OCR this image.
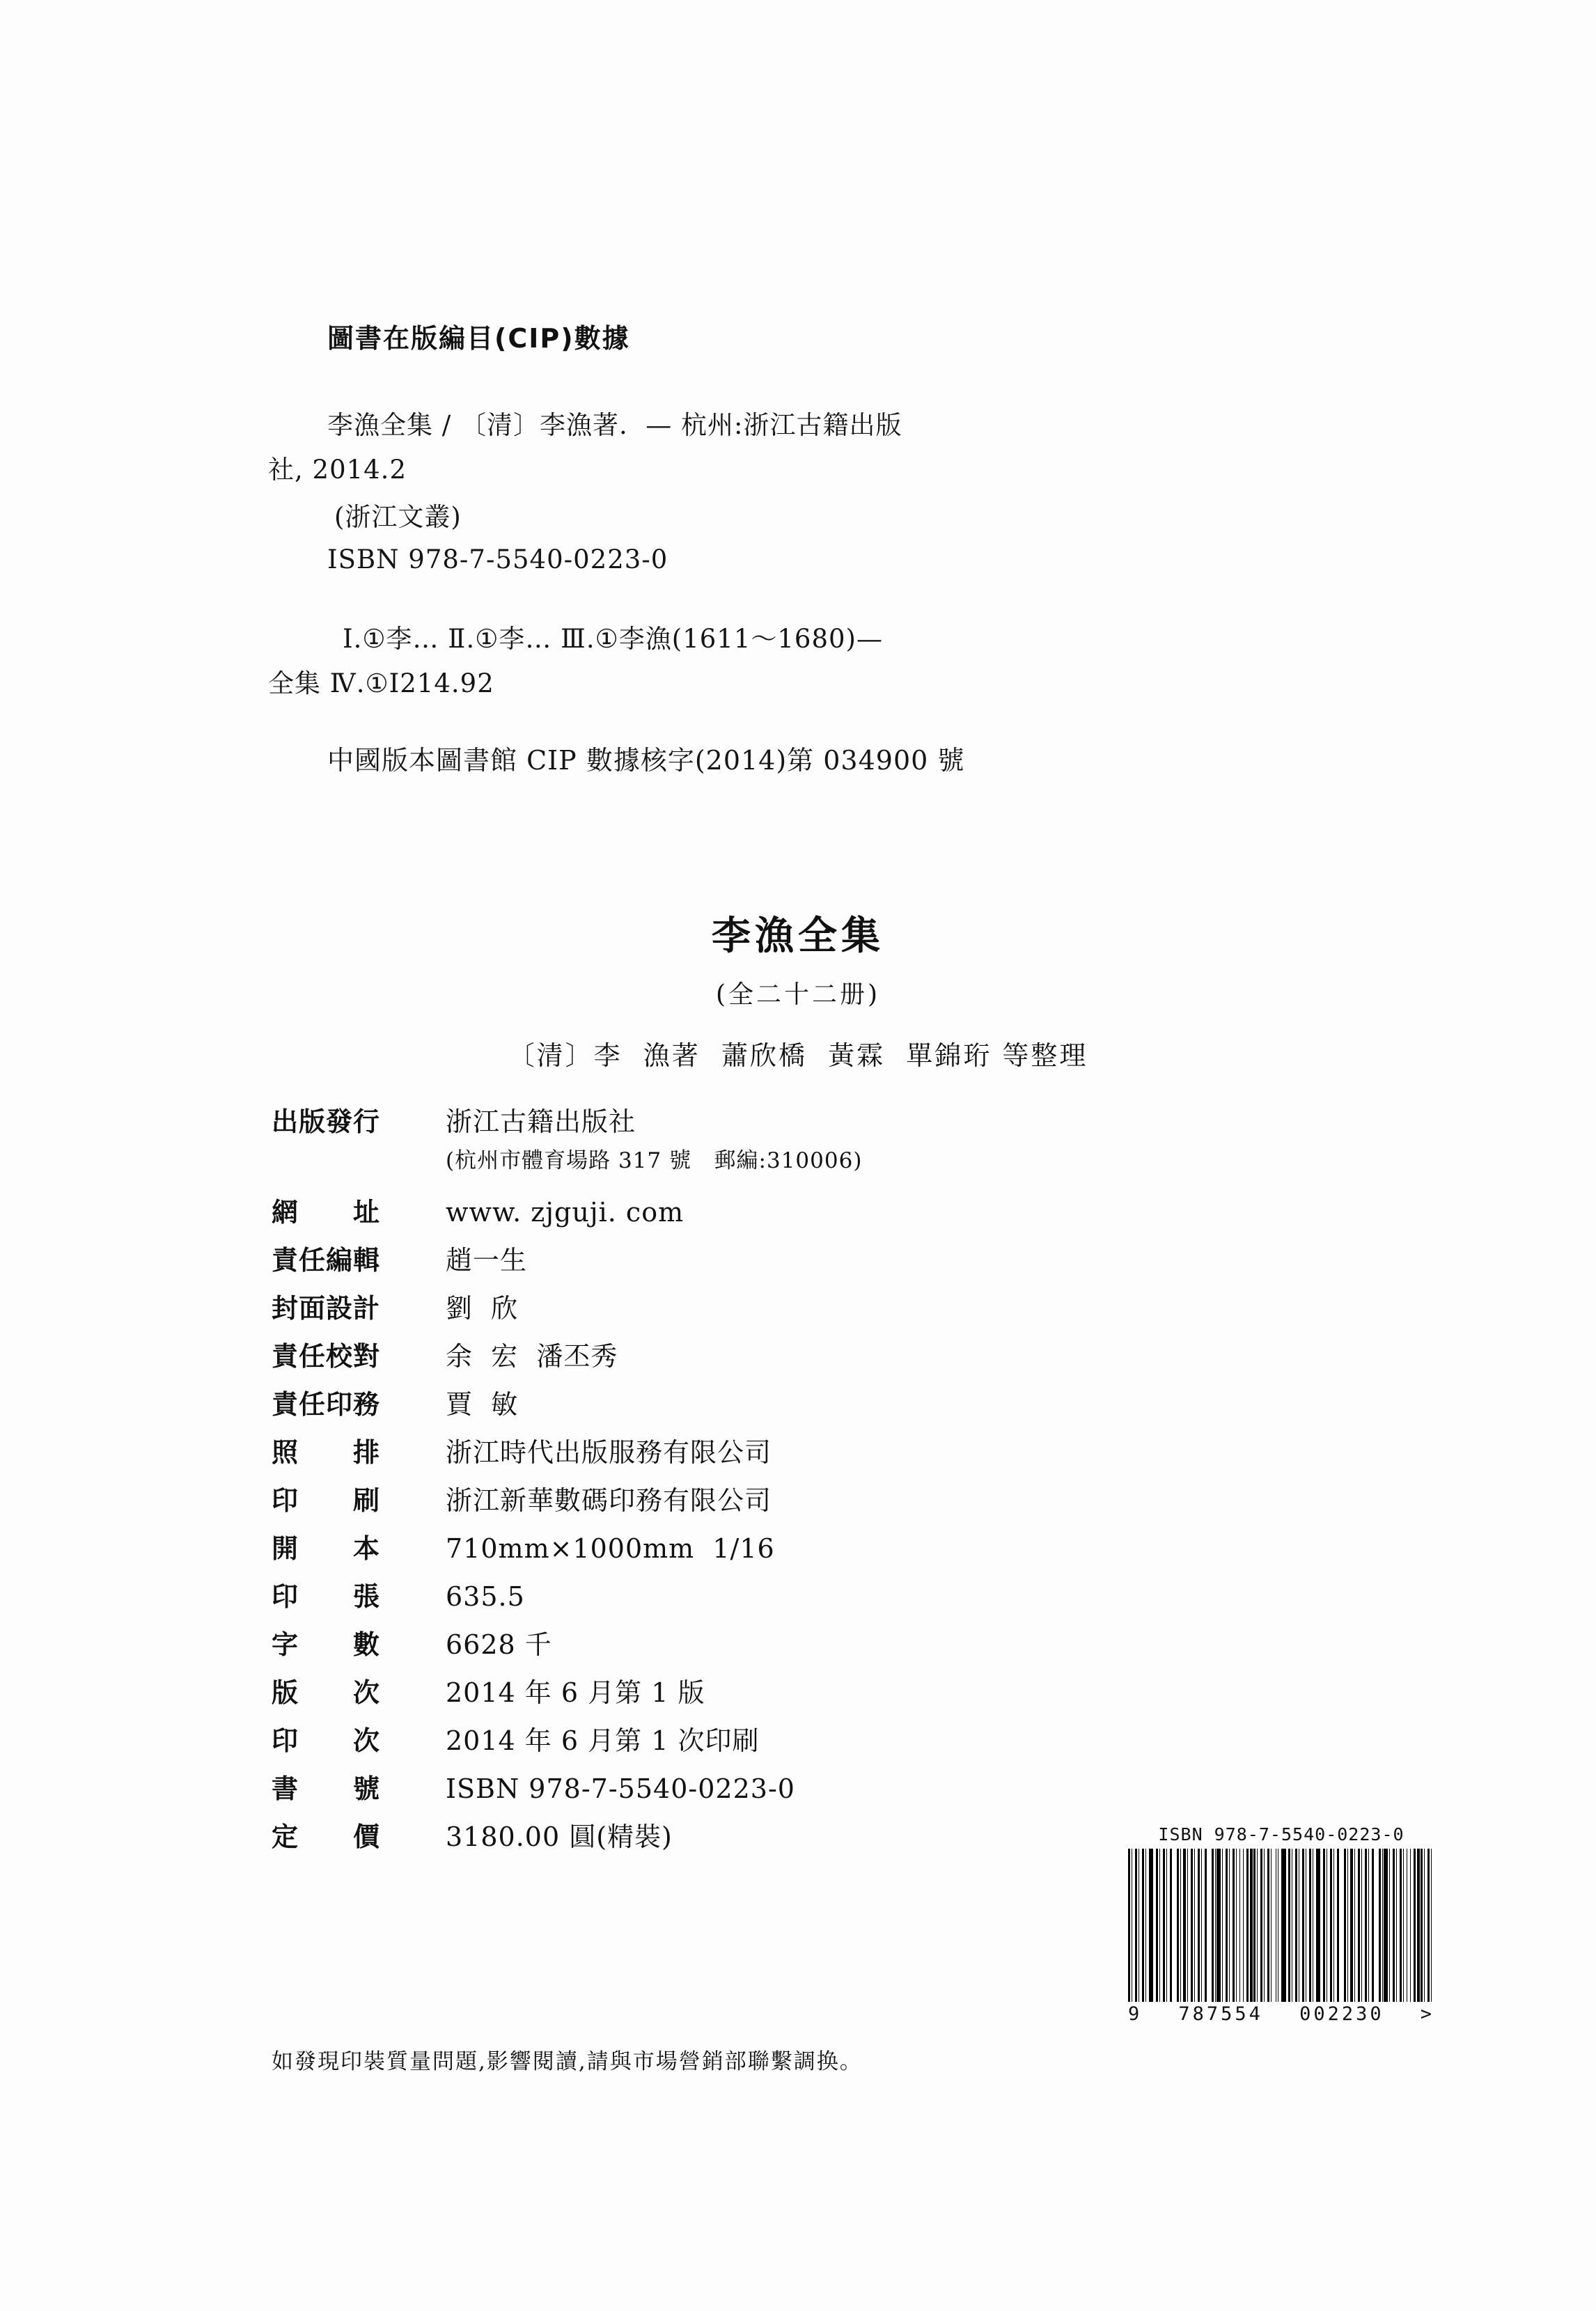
圖書在版編目(CIP)數據
李漁全集 / 〔清〕李漁著.  — 杭州:浙江古籍出版
社, 2014.2
(浙江文叢)
ISBN 978-7-5540-0223-0
Ⅰ.①李… Ⅱ.①李… Ⅲ.①李漁(1611～1680)—
全集 Ⅳ.①I214.92
中國版本圖書館 CIP 數據核字(2014)第 034900 號
李漁全集
(全二十二册)
〔清〕李  漁著  蕭欣橋  黃霖  單錦珩 等整理
出版發行	浙江古籍出版社
(杭州市體育場路 317 號   郵編:310006)
網　　址	www. zjguji. com
責任編輯	趙一生
封面設計	劉  欣
責任校對	余  宏  潘丕秀
責任印務	賈  敏
照　　排	浙江時代出版服務有限公司
印　　刷	浙江新華數碼印務有限公司
開　　本	710mm×1000mm  1/16
印　　張	635.5
字　　數	6628 千
版　　次	2014 年 6 月第 1 版
印　　次	2014 年 6 月第 1 次印刷
書　　號	ISBN 978-7-5540-0223-0
定　　價	3180.00 圓(精裝)
如發現印裝質量問題,影響閱讀,請與市場營銷部聯繫調换。
ISBN 978-7-5540-0223-0
9 787554 002230 >
